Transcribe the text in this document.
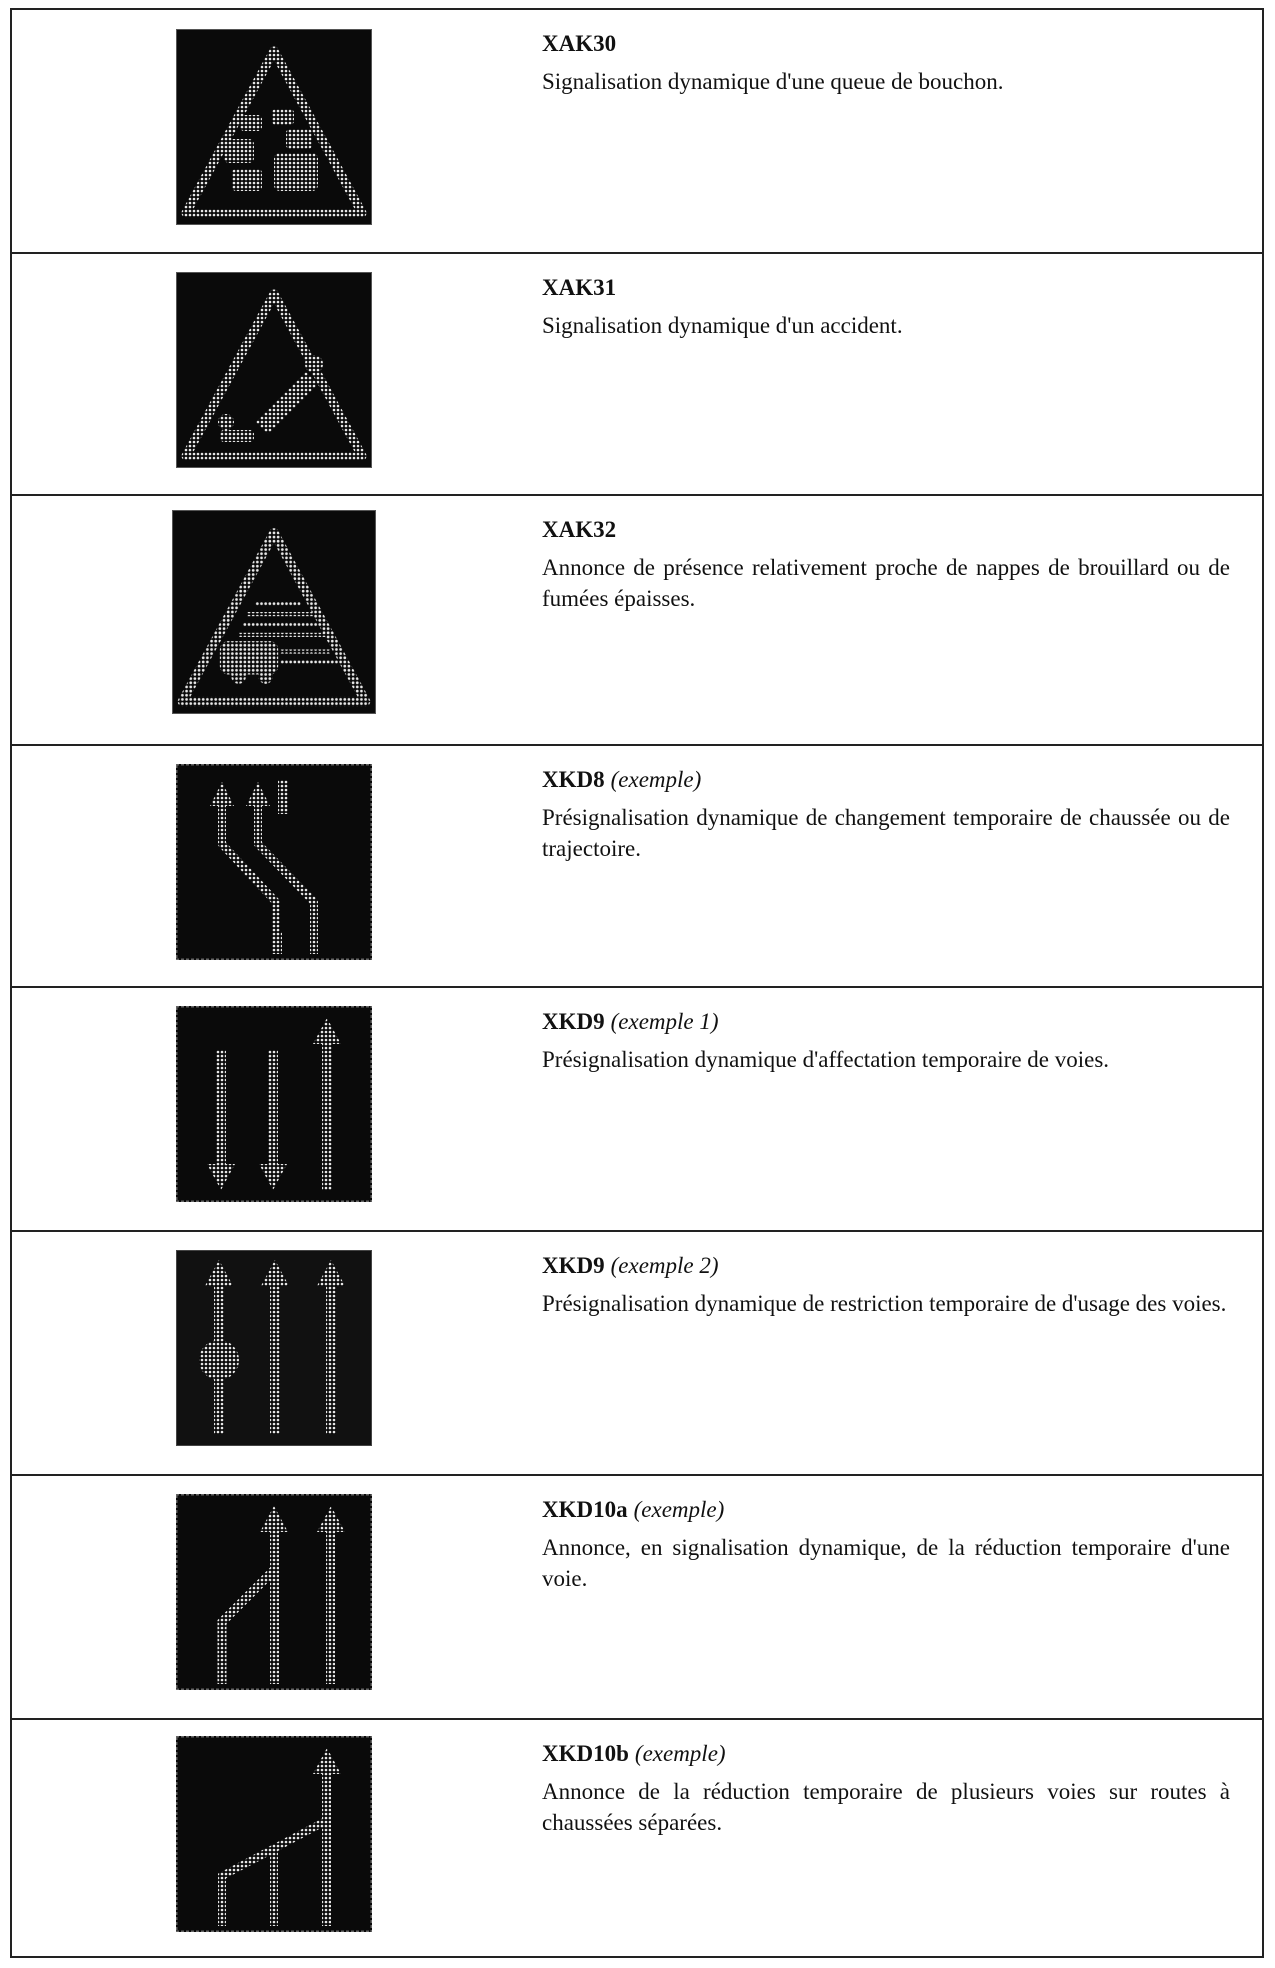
XAK30
Signalisation dynamique d'une queue de bouchon.
XAK31
Signalisation dynamique d'un accident.
XAK32
Annonce de présence relativement proche de nappes de brouillard ou de fumées épaisses.
XKD8 (exemple)
Présignalisation dynamique de changement temporaire de chaussée ou de trajectoire.
XKD9 (exemple 1)
Présignalisation dynamique d'affectation temporaire de voies.
XKD9 (exemple 2)
Présignalisation dynamique de restriction temporaire de d'usage des voies.
XKD10a (exemple)
Annonce, en signalisation dynamique, de la réduction temporaire d'une voie.
XKD10b (exemple)
Annonce de la réduction temporaire de plusieurs voies sur routes à chaussées séparées.
